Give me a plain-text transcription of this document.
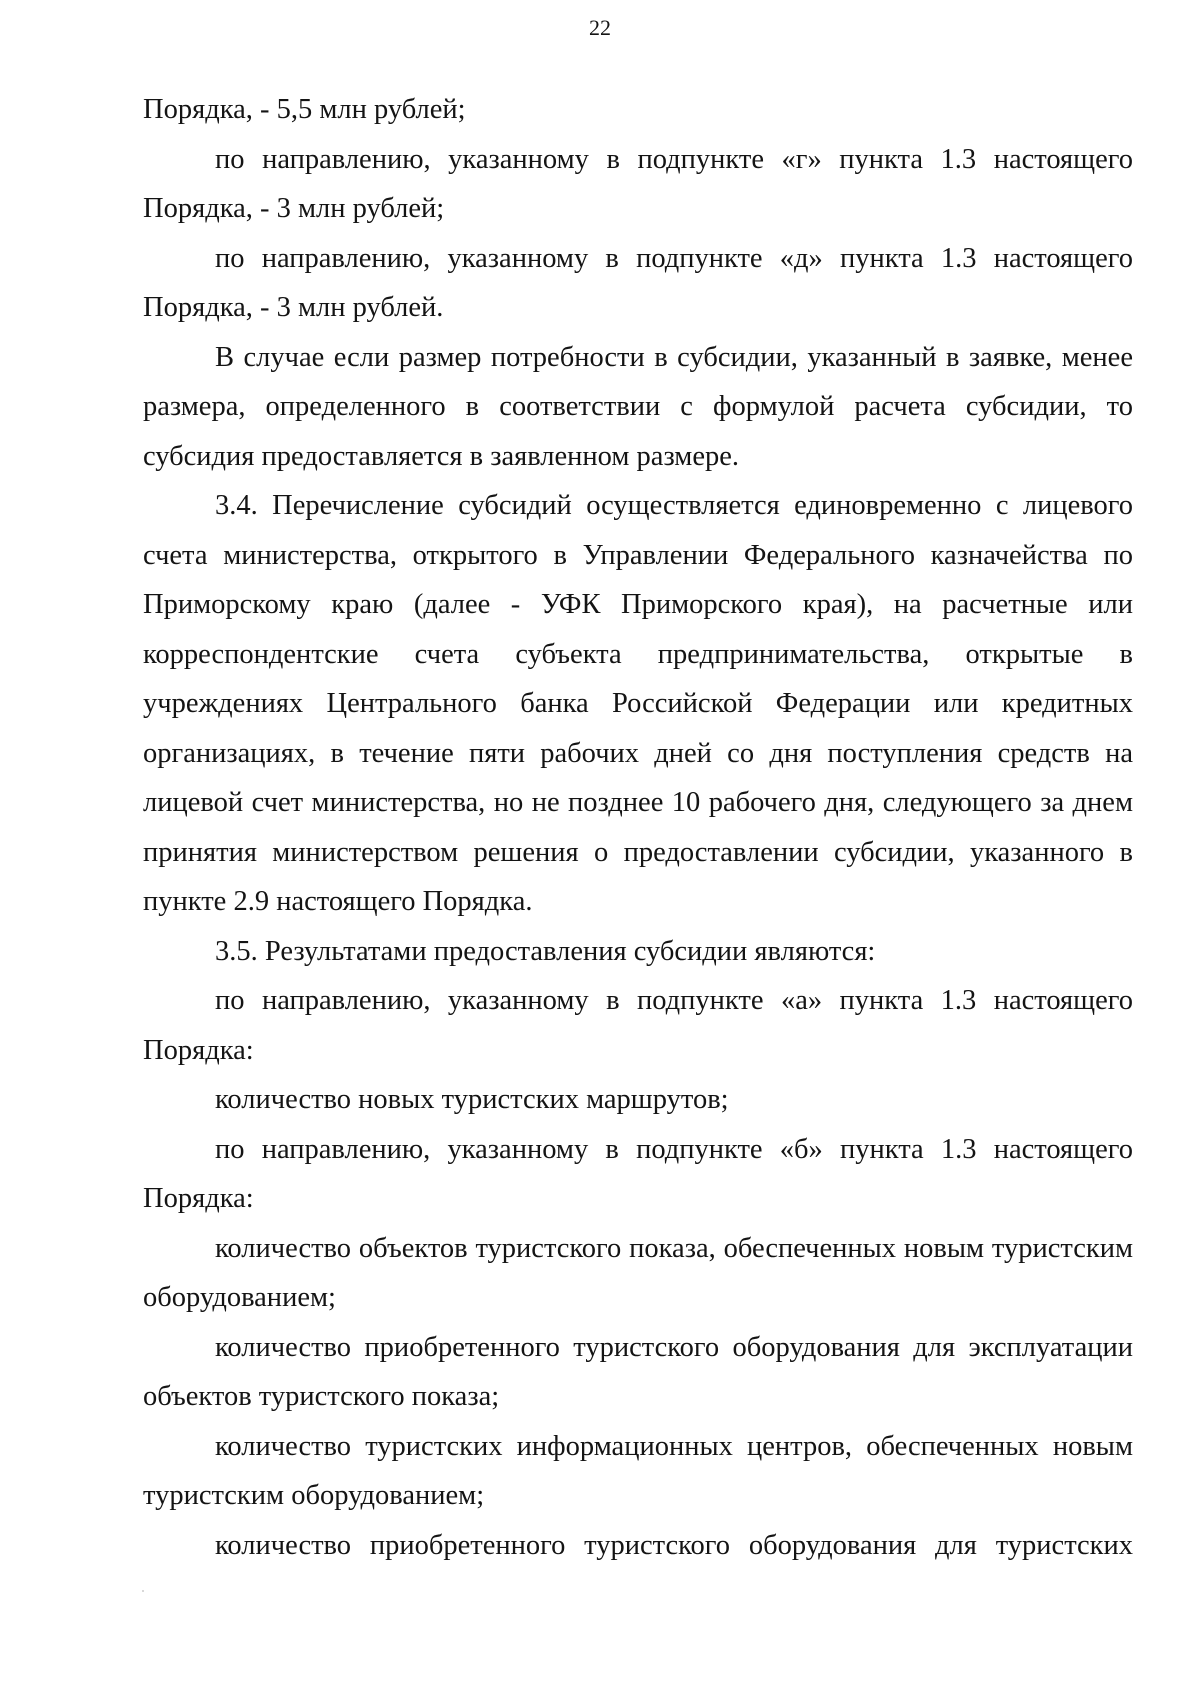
22

Порядка, - 5,5 млн рублей;

по направлению, указанному в подпункте «г» пункта 1.3 настоящего Порядка, - 3 млн рублей;

по направлению, указанному в подпункте «д» пункта 1.3 настоящего Порядка, - 3 млн рублей.

В случае если размер потребности в субсидии, указанный в заявке, менее размера, определенного в соответствии с формулой расчета субсидии, то субсидия предоставляется в заявленном размере.

3.4. Перечисление субсидий осуществляется единовременно с лицевого счета министерства, открытого в Управлении Федерального казначейства по Приморскому краю (далее - УФК Приморского края), на расчетные или корреспондентские счета субъекта предпринимательства, открытые в учреждениях Центрального банка Российской Федерации или кредитных организациях, в течение пяти рабочих дней со дня поступления средств на лицевой счет министерства, но не позднее 10 рабочего дня, следующего за днем принятия министерством решения о предоставлении субсидии, указанного в пункте 2.9 настоящего Порядка.

3.5. Результатами предоставления субсидии являются:

по направлению, указанному в подпункте «а» пункта 1.3 настоящего Порядка:

количество новых туристских маршрутов;

по направлению, указанному в подпункте «б» пункта 1.3 настоящего Порядка:

количество объектов туристского показа, обеспеченных новым туристским оборудованием;

количество приобретенного туристского оборудования для эксплуатации объектов туристского показа;

количество туристских информационных центров, обеспеченных новым туристским оборудованием;

количество приобретенного туристского оборудования для туристских
